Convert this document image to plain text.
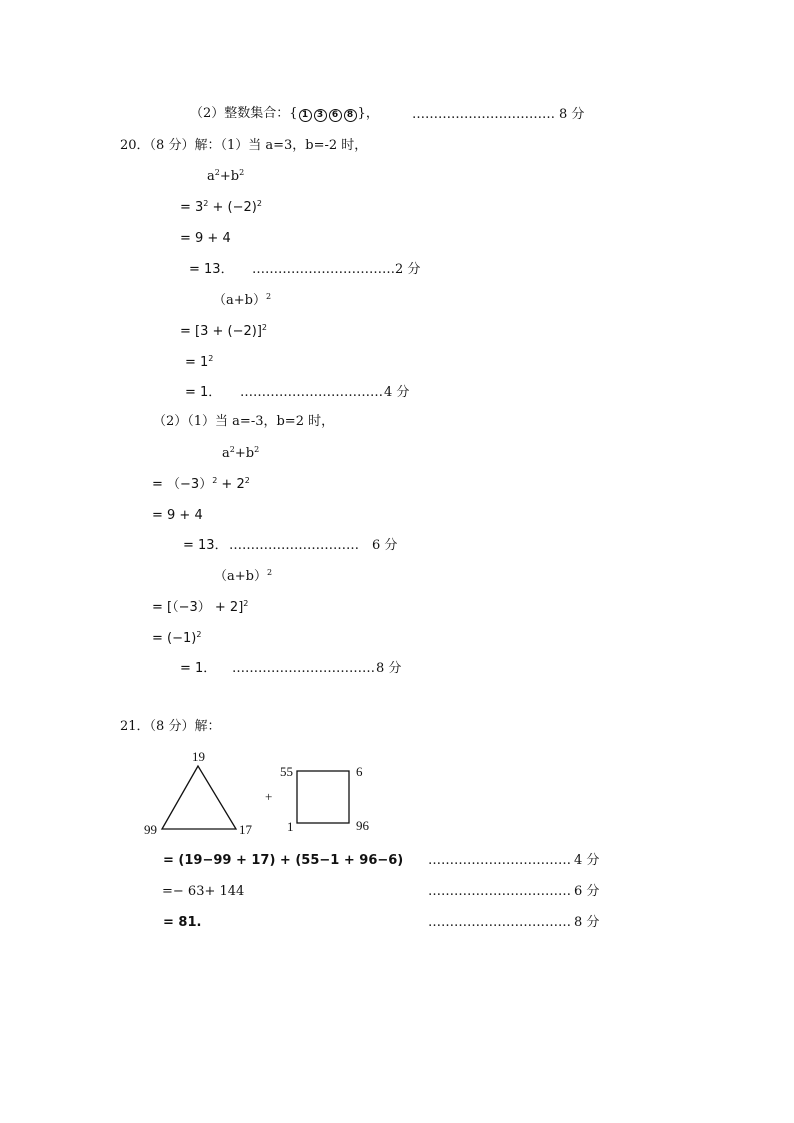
（2）整数集合：{ 1 3 6 8 }，	…………………………… 8 分
20．（8 分）解：（1）当 a=3，b=-2 时，
$a^2+b^2$
= $3^2 + (-2)^2$
= 9 + 4
= 13． …………………………… 2 分
$(a+b)^2$
= $[3 + (-2)]^2$
= $1^2$
= 1． …………………………… 4 分
（2）（1）当 a=-3，b=2 时，
$a^2+b^2$
= $(-3)^2 + 2^2$
= 9 + 4
= 13． ………………………… 6 分
$(a+b)^2$
= $[(-3) + 2]^2$
= $(-1)^2$
= 1． …………………………… 8 分
21．（8 分）解：
19
99	17
+
55	6
1	96
= (19−99 + 17) + (55−1 + 96−6) …………………………… 4 分
=− 63+ 144	…………………………… 6 分
= 81.	…………………………… 8 分
